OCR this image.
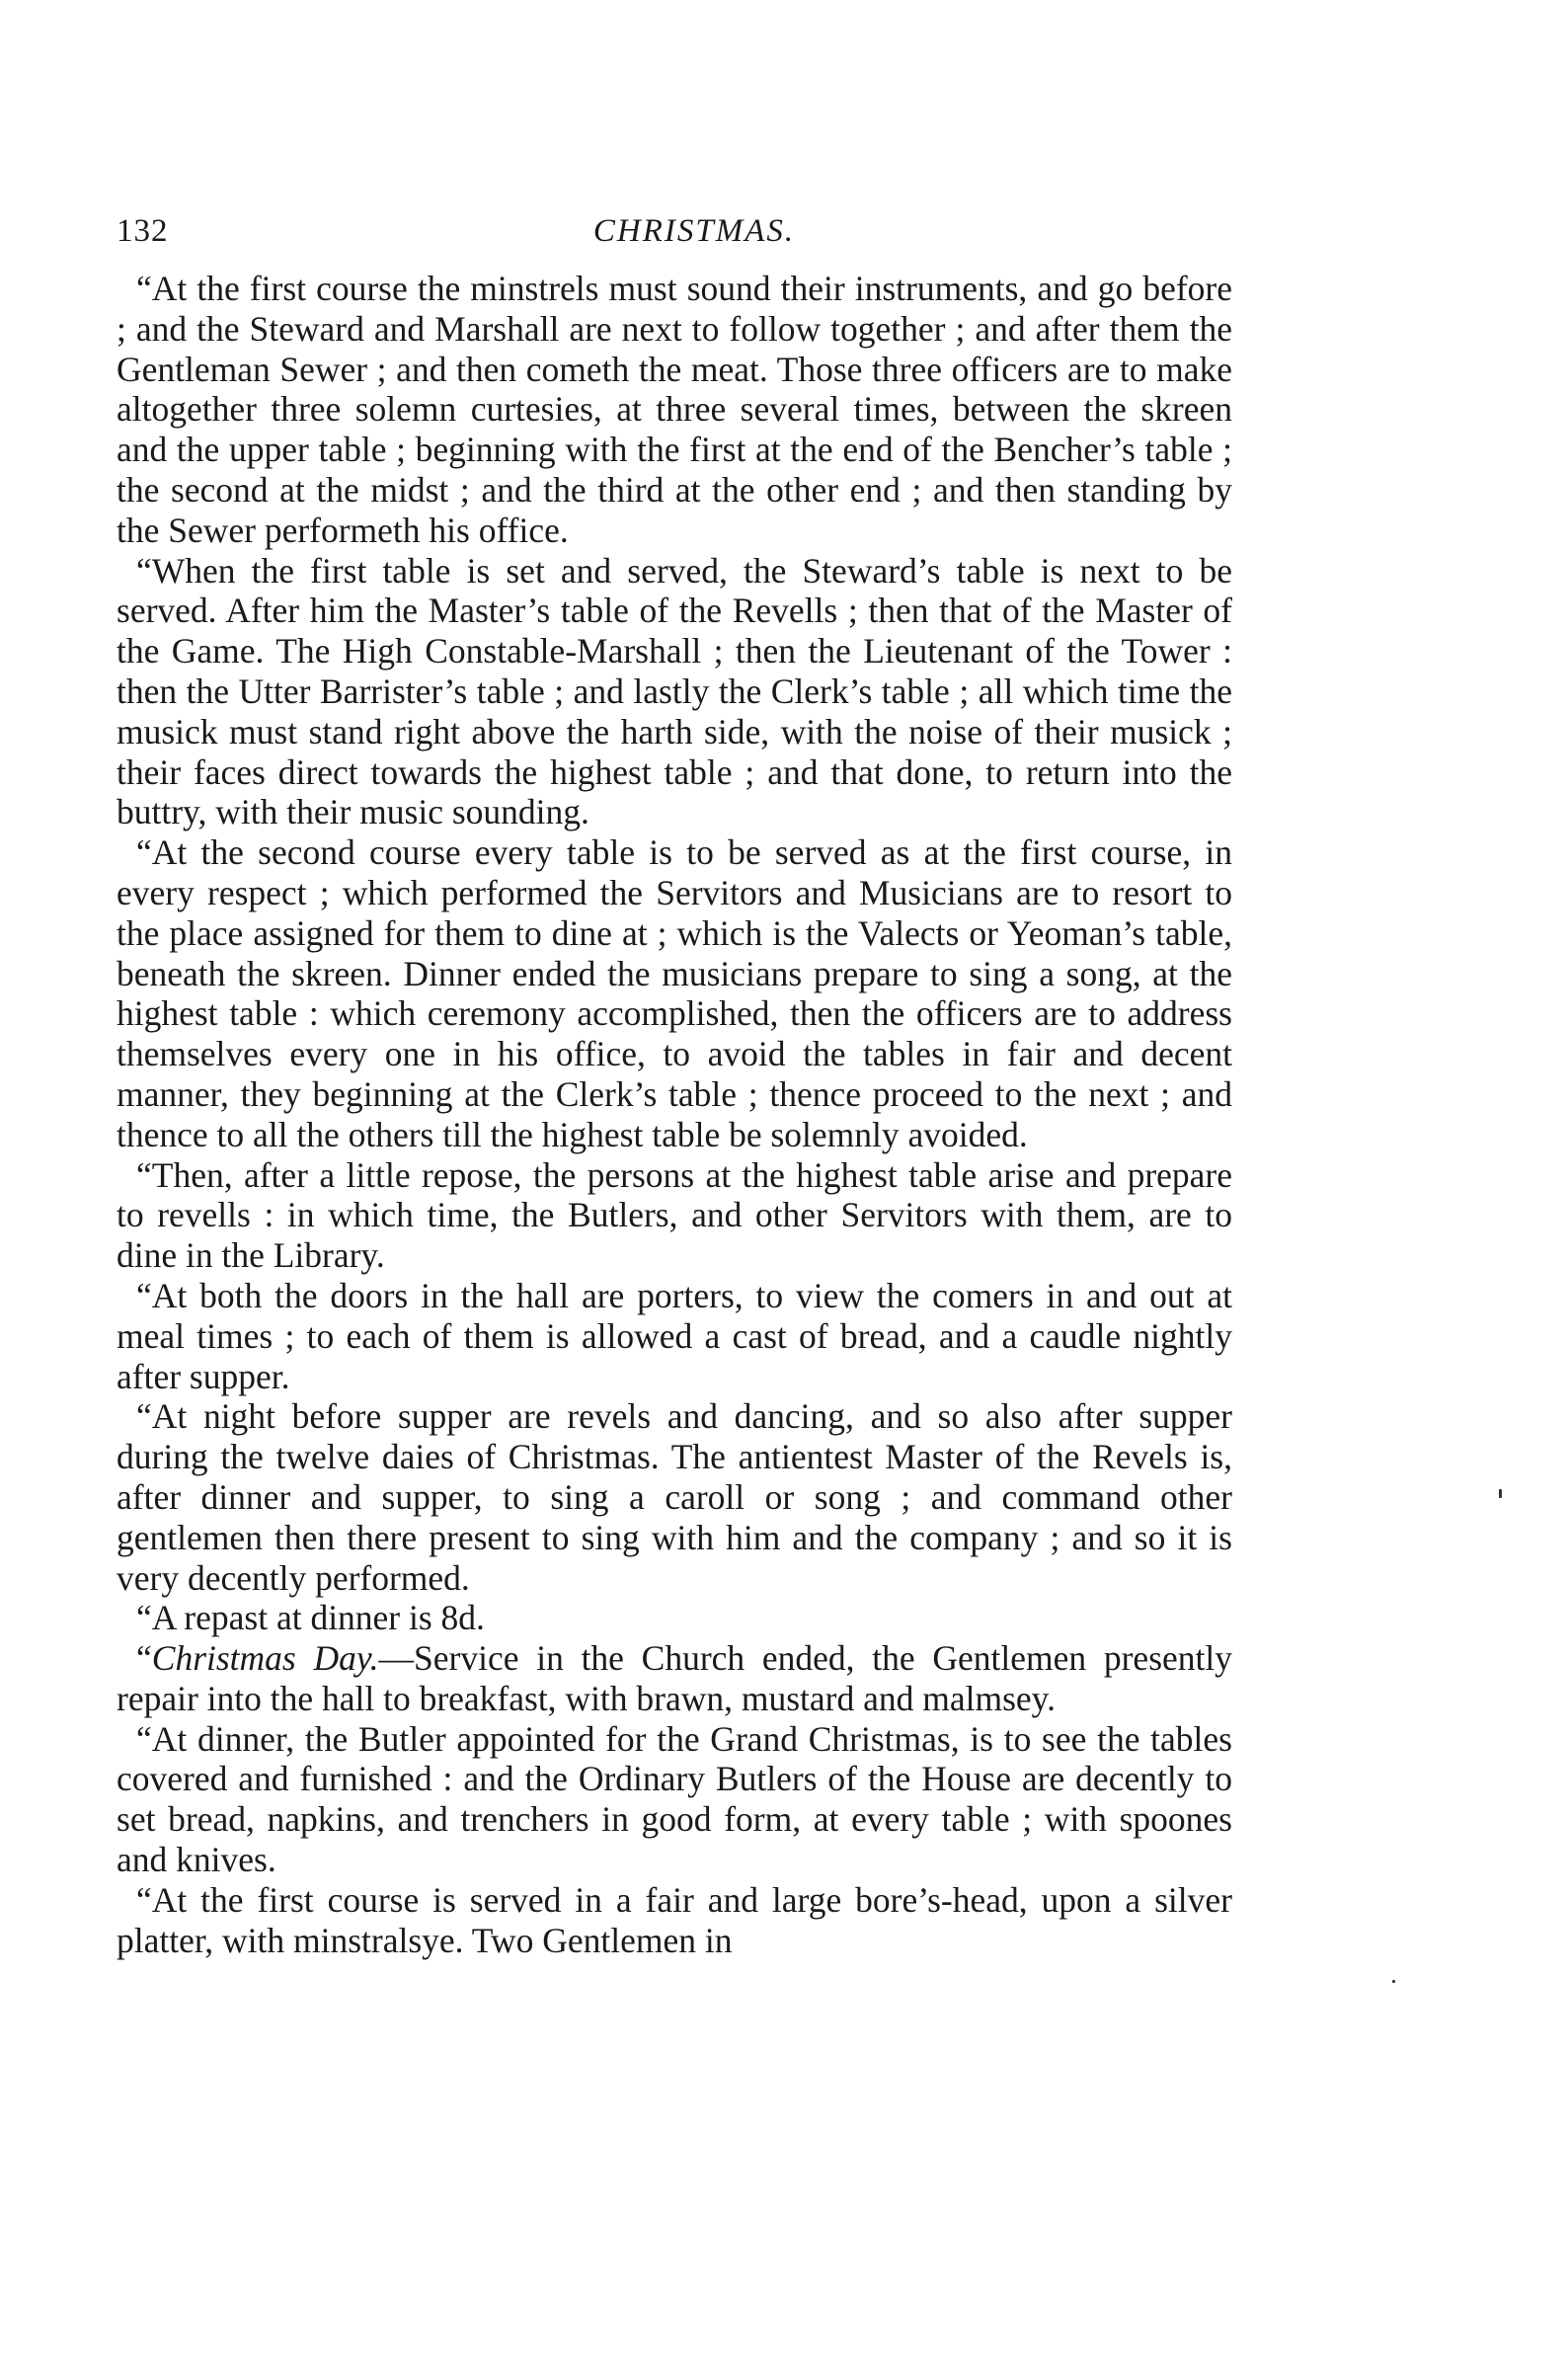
132	CHRISTMAS.

“At the first course the minstrels must sound their instruments, and go before ; and the Steward and Marshall are next to follow together ; and after them the Gentleman Sewer ; and then cometh the meat. Those three officers are to make altogether three solemn curtesies, at three several times, between the skreen and the upper table ; beginning with the first at the end of the Bencher’s table ; the second at the midst ; and the third at the other end ; and then standing by the Sewer performeth his office.

“When the first table is set and served, the Steward’s table is next to be served. After him the Master’s table of the Revells ; then that of the Master of the Game. The High Constable-Marshall ; then the Lieutenant of the Tower : then the Utter Barrister’s table ; and lastly the Clerk’s table ; all which time the musick must stand right above the harth side, with the noise of their musick ; their faces direct towards the highest table ; and that done, to return into the buttry, with their music sounding.

“At the second course every table is to be served as at the first course, in every respect ; which performed the Servitors and Musicians are to resort to the place assigned for them to dine at ; which is the Valects or Yeoman’s table, beneath the skreen. Dinner ended the musicians prepare to sing a song, at the highest table : which ceremony accomplished, then the officers are to address themselves every one in his office, to avoid the tables in fair and decent manner, they beginning at the Clerk’s table ; thence proceed to the next ; and thence to all the others till the highest table be solemnly avoided.

“Then, after a little repose, the persons at the highest table arise and prepare to revells : in which time, the Butlers, and other Servitors with them, are to dine in the Library.

“At both the doors in the hall are porters, to view the comers in and out at meal times ; to each of them is allowed a cast of bread, and a caudle nightly after supper.

“At night before supper are revels and dancing, and so also after supper during the twelve daies of Christmas. The antientest Master of the Revels is, after dinner and supper, to sing a caroll or song ; and command other gentlemen then there present to sing with him and the company ; and so it is very decently performed.

“A repast at dinner is 8d.

“Christmas Day.—Service in the Church ended, the Gentlemen presently repair into the hall to breakfast, with brawn, mustard and malmsey.

“At dinner, the Butler appointed for the Grand Christmas, is to see the tables covered and furnished : and the Ordinary Butlers of the House are decently to set bread, napkins, and trenchers in good form, at every table ; with spoones and knives.

“At the first course is served in a fair and large bore’s-head, upon a silver platter, with minstralsye. Two Gentlemen in
